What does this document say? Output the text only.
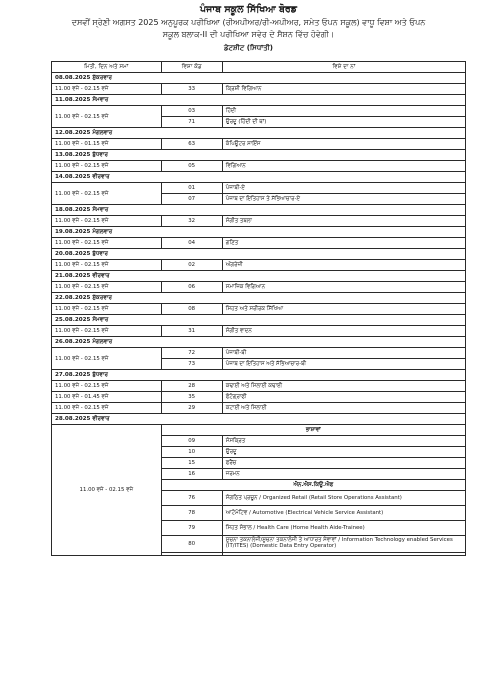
ਪੰਜਾਬ ਸਕੂਲ ਸਿੱਖਿਆ ਬੋਰਡ
ਦਸਵੀਂ ਸ੍ਰੇਣੀ ਅਗਸਤ 2025 ਅਨੁਪੂਰਕ ਪਰੀਖਿਆ (ਰੀਅਪੀਅਰ/ਰੀ-ਅਪੀਅਰ, ਸਮੇਤ ਓਪਨ ਸਕੂਲ) ਵਾਧੂ ਵਿਸ਼ਾ ਅਤੇ ਓਪਨ
ਸਕੂਲ ਬਲਾਕ-II ਦੀ ਪਰੀਖਿਆ ਸਵੇਰ ਦੇ ਸੈਸ਼ਨ ਵਿੱਚ ਹੋਵੇਗੀ।
ਡੇਟਸ਼ੀਟ (ਸਿਧਾਂਤੀ)
ਮਿਤੀ, ਦਿਨ ਅਤੇ ਸਮਾਂ	ਵਿਸ਼ਾ ਕੋਡ	ਵਿਸ਼ੇ ਦਾ ਨਾਂ
08.08.2025 ਸ਼ੁੱਕਰਵਾਰ		
11.00 ਵਜੇ - 02.15 ਵਜੇ	33	ਕ੍ਰਿਸ਼ੀ ਵਿਗਿਆਨ
11.08.2025 ਸੋਮਵਾਰ		
11.00 ਵਜੇ - 02.15 ਵਜੇ	03	ਹਿੰਦੀ
	71	ਉਰਦੂ (ਹਿੰਦੀ ਦੀ ਥਾਂ)
12.08.2025 ਮੰਗਲਵਾਰ		
11.00 ਵਜੇ - 01.15 ਵਜੇ	63	ਕੰਪਿਊਟਰ ਸਾਇੰਸ
13.08.2025 ਬੁੱਧਵਾਰ		
11.00 ਵਜੇ - 02.15 ਵਜੇ	05	ਵਿਗਿਆਨ
14.08.2025 ਵੀਰਵਾਰ		
11.00 ਵਜੇ - 02.15 ਵਜੇ	01	ਪੰਜਾਬੀ-ਏ
	07	ਪੰਜਾਬ ਦਾ ਇਤਿਹਾਸ ਤੇ ਸੱਭਿਆਚਾਰ-ਏ
18.08.2025 ਸੋਮਵਾਰ		
11.00 ਵਜੇ - 02.15 ਵਜੇ	32	ਸੰਗੀਤ ਤਬਲਾ
19.08.2025 ਮੰਗਲਵਾਰ		
11.00 ਵਜੇ - 02.15 ਵਜੇ	04	ਗਣਿਤ
20.08.2025 ਬੁੱਧਵਾਰ		
11.00 ਵਜੇ - 02.15 ਵਜੇ	02	ਅੰਗਰੇਜ਼ੀ
21.08.2025 ਵੀਰਵਾਰ		
11.00 ਵਜੇ - 02.15 ਵਜੇ	06	ਸਮਾਜਿਕ ਵਿਗਿਆਨ
22.08.2025 ਸ਼ੁੱਕਰਵਾਰ		
11.00 ਵਜੇ - 02.15 ਵਜੇ	08	ਸਿਹਤ ਅਤੇ ਸਰੀਰਕ ਸਿੱਖਿਆ
25.08.2025 ਸੋਮਵਾਰ		
11.00 ਵਜੇ - 02.15 ਵਜੇ	31	ਸੰਗੀਤ ਵਾਦਨ
26.08.2025 ਮੰਗਲਵਾਰ		
11.00 ਵਜੇ - 02.15 ਵਜੇ	72	ਪੰਜਾਬੀ-ਬੀ
	73	ਪੰਜਾਬ ਦਾ ਇਤਿਹਾਸ ਅਤੇ ਸੱਭਿਆਚਾਰ-ਬੀ
27.08.2025 ਬੁੱਧਵਾਰ		
11.00 ਵਜੇ - 02.15 ਵਜੇ	28	ਕਢਾਈ ਅਤੇ ਸਿਲਾਈ ਕਢਾਈ
11.00 ਵਜੇ - 01.45 ਵਜੇ	35	ਫੋਟੋਗ੍ਰਾਫੀ
11.00 ਵਜੇ - 02.15 ਵਜੇ	29	ਕਟਾਈ ਅਤੇ ਸਿਲਾਈ
28.08.2025 ਵੀਰਵਾਰ		
11.00 ਵਜੇ - 02.15 ਵਜੇ	ਭਾਸ਼ਾਵਾਂ	
	09	ਸੰਸਕ੍ਰਿਤ
	10	ਉਰਦੂ
	15	ਫਰੈਂਚ
	16	ਜਰਮਨ
	ਐਨ.ਐਸ.ਕਿਊ.ਐਫ	
	76	ਸੰਗਠਿਤ ਪ੍ਰਚੂਨ / Organized Retail (Retail Store Operations Assistant)
	78	ਆਟੋਮੋਟਿਵ / Automotive (Electrical Vehicle Service Assistant)
	79	ਸਿਹਤ ਸੰਭਾਲ / Health Care (Home Health Aide-Trainee)
	80	ਸੂਚਨਾ ਤਕਨਾਲੋਜੀ/ਸੂਚਨਾ ਤਕਨਾਲੋਜੀ ਤੇ ਆਧਾਰਤ ਸੇਵਾਵਾਂ / Information Technology enabled Services (IT/ITES) (Domestic Data Entry Operator)
